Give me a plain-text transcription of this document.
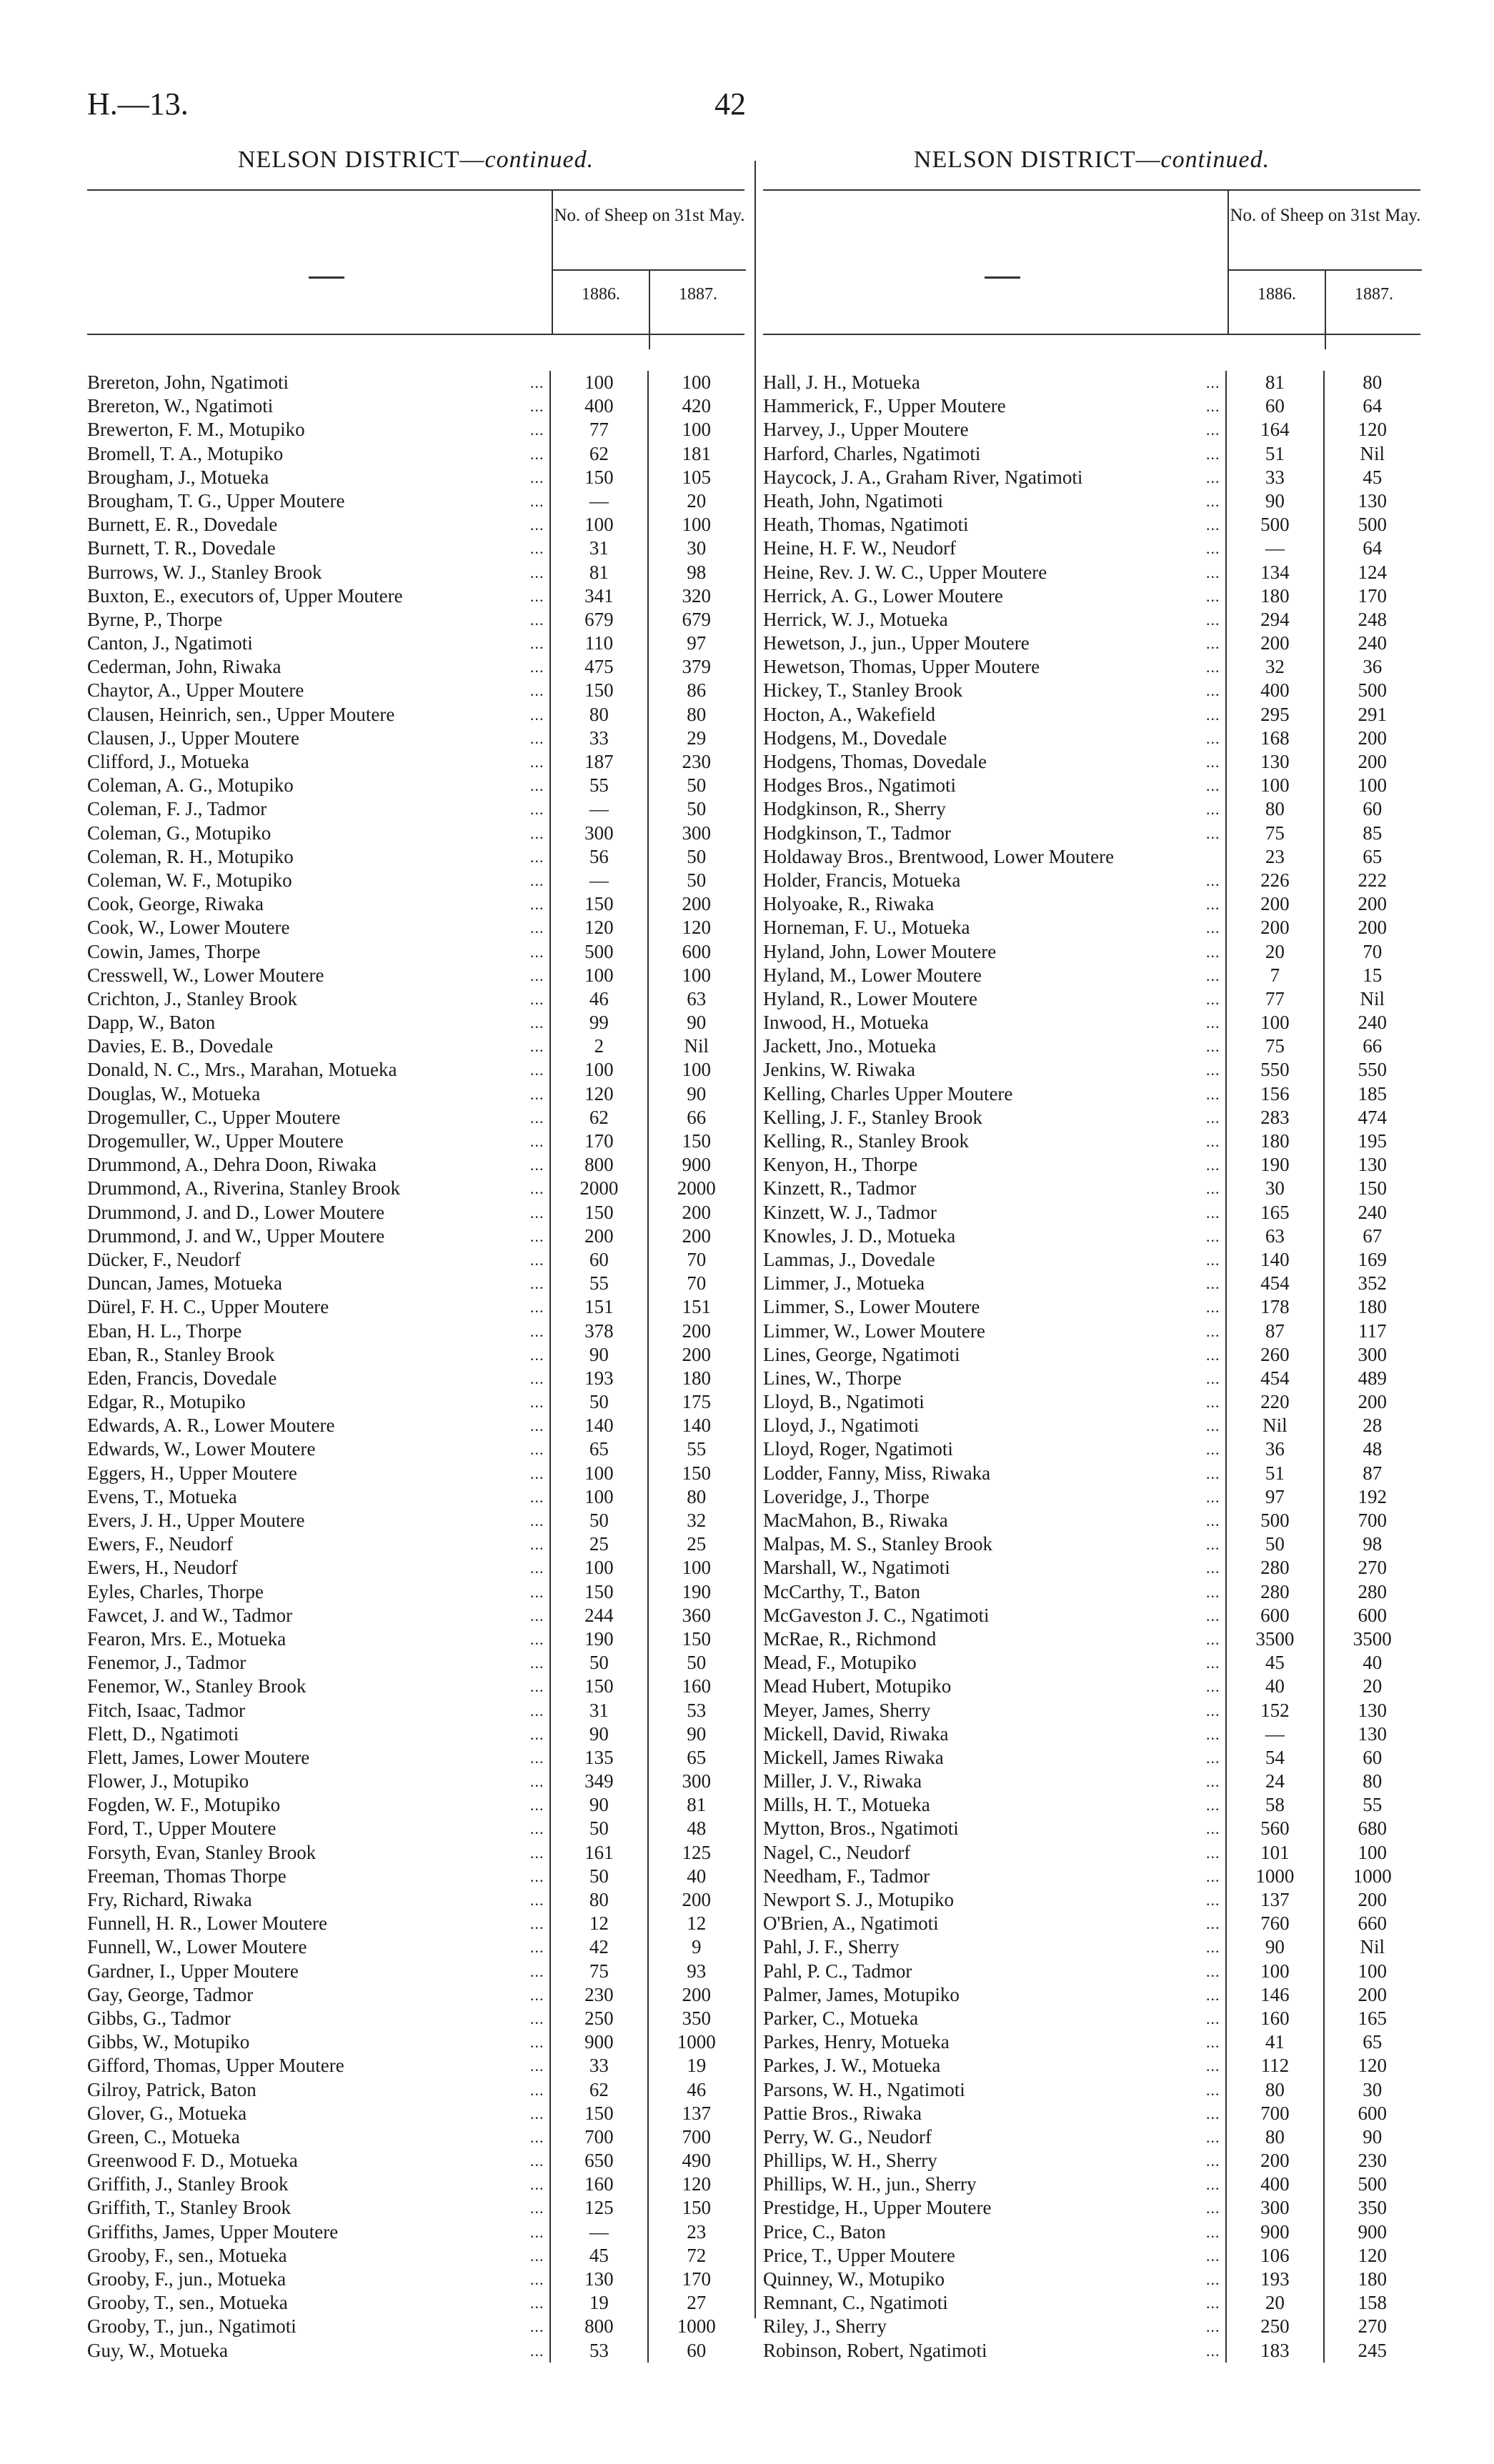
H.—13.	42
NELSON DISTRICT—continued.
No. of Sheep on 31st May.
1886.	1887.
Brereton, John, Ngatimoti	...	100	100
Brereton, W., Ngatimoti	...	400	420
Brewerton, F. M., Motupiko	...	77	100
Bromell, T. A., Motupiko	...	62	181
Brougham, J., Motueka	...	150	105
Brougham, T. G., Upper Moutere	...	—	20
Burnett, E. R., Dovedale	...	100	100
Burnett, T. R., Dovedale	...	31	30
Burrows, W. J., Stanley Brook	...	81	98
Buxton, E., executors of, Upper Moutere	...	341	320
Byrne, P., Thorpe	...	679	679
Canton, J., Ngatimoti	...	110	97
Cederman, John, Riwaka	...	475	379
Chaytor, A., Upper Moutere	...	150	86
Clausen, Heinrich, sen., Upper Moutere	...	80	80
Clausen, J., Upper Moutere	...	33	29
Clifford, J., Motueka	...	187	230
Coleman, A. G., Motupiko	...	55	50
Coleman, F. J., Tadmor	...	—	50
Coleman, G., Motupiko	...	300	300
Coleman, R. H., Motupiko	...	56	50
Coleman, W. F., Motupiko	...	—	50
Cook, George, Riwaka	...	150	200
Cook, W., Lower Moutere	...	120	120
Cowin, James, Thorpe	...	500	600
Cresswell, W., Lower Moutere	...	100	100
Crichton, J., Stanley Brook	...	46	63
Dapp, W., Baton	...	99	90
Davies, E. B., Dovedale	...	2	Nil
Donald, N. C., Mrs., Marahan, Motueka	...	100	100
Douglas, W., Motueka	...	120	90
Drogemuller, C., Upper Moutere	...	62	66
Drogemuller, W., Upper Moutere	...	170	150
Drummond, A., Dehra Doon, Riwaka	...	800	900
Drummond, A., Riverina, Stanley Brook	...	2000	2000
Drummond, J. and D., Lower Moutere	...	150	200
Drummond, J. and W., Upper Moutere	...	200	200
Dücker, F., Neudorf	...	60	70
Duncan, James, Motueka	...	55	70
Dürel, F. H. C., Upper Moutere	...	151	151
Eban, H. L., Thorpe	...	378	200
Eban, R., Stanley Brook	...	90	200
Eden, Francis, Dovedale	...	193	180
Edgar, R., Motupiko	...	50	175
Edwards, A. R., Lower Moutere	...	140	140
Edwards, W., Lower Moutere	...	65	55
Eggers, H., Upper Moutere	...	100	150
Evens, T., Motueka	...	100	80
Evers, J. H., Upper Moutere	...	50	32
Ewers, F., Neudorf	...	25	25
Ewers, H., Neudorf	...	100	100
Eyles, Charles, Thorpe	...	150	190
Fawcet, J. and W., Tadmor	...	244	360
Fearon, Mrs. E., Motueka	...	190	150
Fenemor, J., Tadmor	...	50	50
Fenemor, W., Stanley Brook	...	150	160
Fitch, Isaac, Tadmor	...	31	53
Flett, D., Ngatimoti	...	90	90
Flett, James, Lower Moutere	...	135	65
Flower, J., Motupiko	...	349	300
Fogden, W. F., Motupiko	...	90	81
Ford, T., Upper Moutere	...	50	48
Forsyth, Evan, Stanley Brook	...	161	125
Freeman, Thomas Thorpe	...	50	40
Fry, Richard, Riwaka	...	80	200
Funnell, H. R., Lower Moutere	...	12	12
Funnell, W., Lower Moutere	...	42	9
Gardner, I., Upper Moutere	...	75	93
Gay, George, Tadmor	...	230	200
Gibbs, G., Tadmor	...	250	350
Gibbs, W., Motupiko	...	900	1000
Gifford, Thomas, Upper Moutere	...	33	19
Gilroy, Patrick, Baton	...	62	46
Glover, G., Motueka	...	150	137
Green, C., Motueka	...	700	700
Greenwood F. D., Motueka	...	650	490
Griffith, J., Stanley Brook	...	160	120
Griffith, T., Stanley Brook	...	125	150
Griffiths, James, Upper Moutere	...	—	23
Grooby, F., sen., Motueka	...	45	72
Grooby, F., jun., Motueka	...	130	170
Grooby, T., sen., Motueka	...	19	27
Grooby, T., jun., Ngatimoti	...	800	1000
Guy, W., Motueka	...	53	60
NELSON DISTRICT—continued.
No. of Sheep on 31st May.
1886.	1887.
Hall, J. H., Motueka	...	81	80
Hammerick, F., Upper Moutere	...	60	64
Harvey, J., Upper Moutere	...	164	120
Harford, Charles, Ngatimoti	...	51	Nil
Haycock, J. A., Graham River, Ngatimoti	...	33	45
Heath, John, Ngatimoti	...	90	130
Heath, Thomas, Ngatimoti	...	500	500
Heine, H. F. W., Neudorf	...	—	64
Heine, Rev. J. W. C., Upper Moutere	...	134	124
Herrick, A. G., Lower Moutere	...	180	170
Herrick, W. J., Motueka	...	294	248
Hewetson, J., jun., Upper Moutere	...	200	240
Hewetson, Thomas, Upper Moutere	...	32	36
Hickey, T., Stanley Brook	...	400	500
Hocton, A., Wakefield	...	295	291
Hodgens, M., Dovedale	...	168	200
Hodgens, Thomas, Dovedale	...	130	200
Hodges Bros., Ngatimoti	...	100	100
Hodgkinson, R., Sherry	...	80	60
Hodgkinson, T., Tadmor	...	75	85
Holdaway Bros., Brentwood, Lower Moutere	23	65
Holder, Francis, Motueka	...	226	222
Holyoake, R., Riwaka	...	200	200
Horneman, F. U., Motueka	...	200	200
Hyland, John, Lower Moutere	...	20	70
Hyland, M., Lower Moutere	...	7	15
Hyland, R., Lower Moutere	...	77	Nil
Inwood, H., Motueka	...	100	240
Jackett, Jno., Motueka	...	75	66
Jenkins, W. Riwaka	...	550	550
Kelling, Charles Upper Moutere	...	156	185
Kelling, J. F., Stanley Brook	...	283	474
Kelling, R., Stanley Brook	...	180	195
Kenyon, H., Thorpe	...	190	130
Kinzett, R., Tadmor	...	30	150
Kinzett, W. J., Tadmor	...	165	240
Knowles, J. D., Motueka	...	63	67
Lammas, J., Dovedale	...	140	169
Limmer, J., Motueka	...	454	352
Limmer, S., Lower Moutere	...	178	180
Limmer, W., Lower Moutere	...	87	117
Lines, George, Ngatimoti	...	260	300
Lines, W., Thorpe	...	454	489
Lloyd, B., Ngatimoti	...	220	200
Lloyd, J., Ngatimoti	...	Nil	28
Lloyd, Roger, Ngatimoti	...	36	48
Lodder, Fanny, Miss, Riwaka	...	51	87
Loveridge, J., Thorpe	...	97	192
MacMahon, B., Riwaka	...	500	700
Malpas, M. S., Stanley Brook	...	50	98
Marshall, W., Ngatimoti	...	280	270
McCarthy, T., Baton	...	280	280
McGaveston J. C., Ngatimoti	...	600	600
McRae, R., Richmond	...	3500	3500
Mead, F., Motupiko	...	45	40
Mead Hubert, Motupiko	...	40	20
Meyer, James, Sherry	...	152	130
Mickell, David, Riwaka	...	—	130
Mickell, James Riwaka	...	54	60
Miller, J. V., Riwaka	...	24	80
Mills, H. T., Motueka	...	58	55
Mytton, Bros., Ngatimoti	...	560	680
Nagel, C., Neudorf	...	101	100
Needham, F., Tadmor	...	1000	1000
Newport S. J., Motupiko	...	137	200
O'Brien, A., Ngatimoti	...	760	660
Pahl, J. F., Sherry	...	90	Nil
Pahl, P. C., Tadmor	...	100	100
Palmer, James, Motupiko	...	146	200
Parker, C., Motueka	...	160	165
Parkes, Henry, Motueka	...	41	65
Parkes, J. W., Motueka	...	112	120
Parsons, W. H., Ngatimoti	...	80	30
Pattie Bros., Riwaka	...	700	600
Perry, W. G., Neudorf	...	80	90
Phillips, W. H., Sherry	...	200	230
Phillips, W. H., jun., Sherry	...	400	500
Prestidge, H., Upper Moutere	...	300	350
Price, C., Baton	...	900	900
Price, T., Upper Moutere	...	106	120
Quinney, W., Motupiko	...	193	180
Remnant, C., Ngatimoti	...	20	158
Riley, J., Sherry	...	250	270
Robinson, Robert, Ngatimoti	...	183	245
